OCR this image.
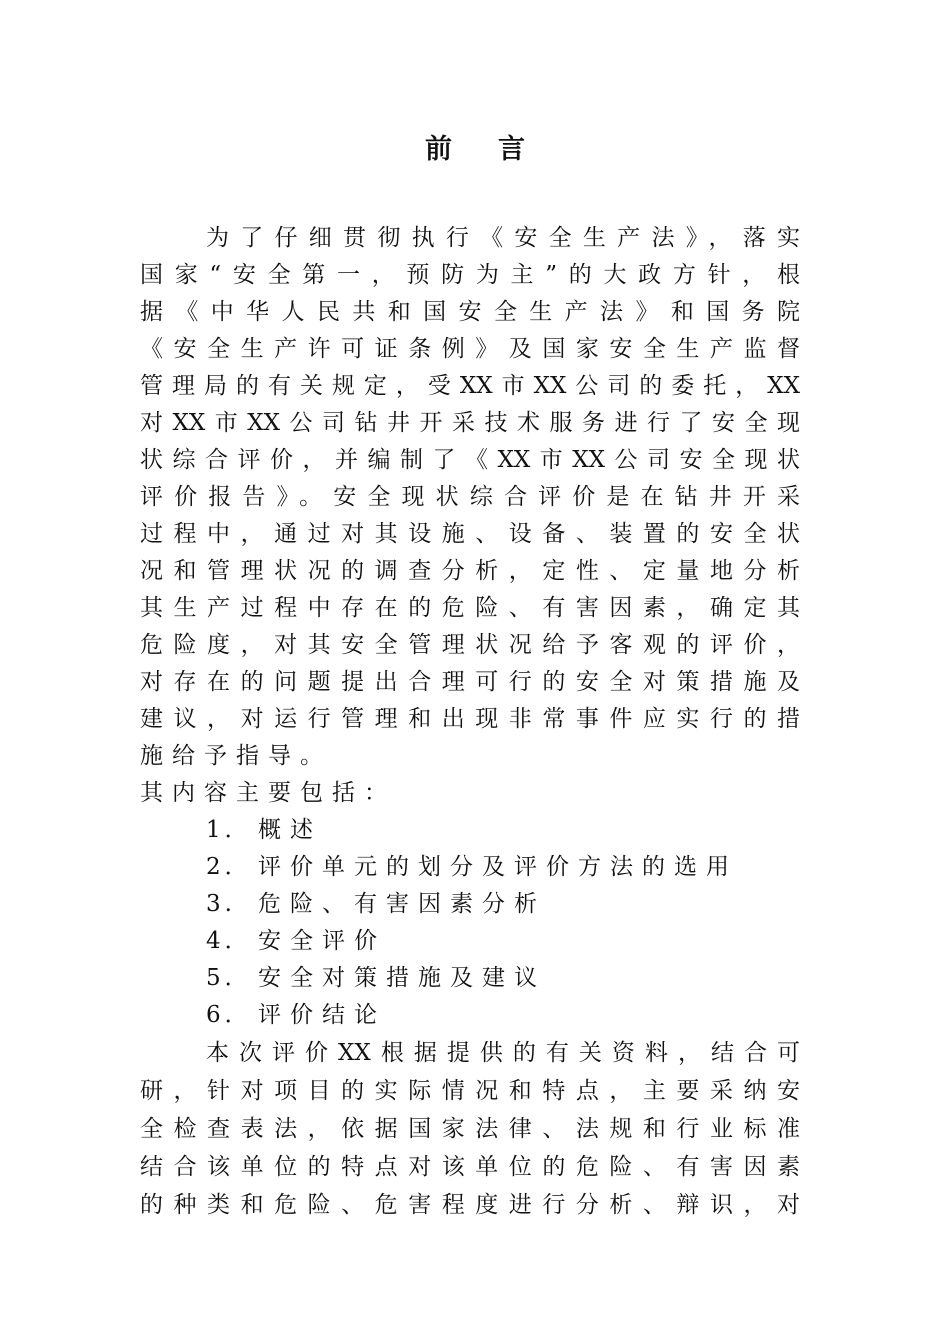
前言
为了仔细贯彻执行《安全生产法》，落实
国家“安全第一，预防为主”的大政方针，根
据《中华人民共和国安全生产法》和国务院
《安全生产许可证条例》及国家安全生产监督
管理局的有关规定，受XX市XX公司的委托，XX
对XX市XX公司钻井开采技术服务进行了安全现
状综合评价，并编制了《XX市XX公司安全现状
评价报告》。安全现状综合评价是在钻井开采
过程中，通过对其设施、设备、装置的安全状
况和管理状况的调查分析，定性、定量地分析
其生产过程中存在的危险、有害因素，确定其
危险度，对其安全管理状况给予客观的评价，
对存在的问题提出合理可行的安全对策措施及
建议，对运行管理和出现非常事件应实行的措
施给予指导。
其内容主要包括：
1． 概述
2． 评价单元的划分及评价方法的选用
3. 危险、有害因素分析
4． 安全评价
5． 安全对策措施及建议
6． 评价结论
本次评价XX根据提供的有关资料，结合可
研，针对项目的实际情况和特点，主要采纳安
全检查表法，依据国家法律、法规和行业标准
结合该单位的特点对该单位的危险、有害因素
的种类和危险、危害程度进行分析、辩识，对
